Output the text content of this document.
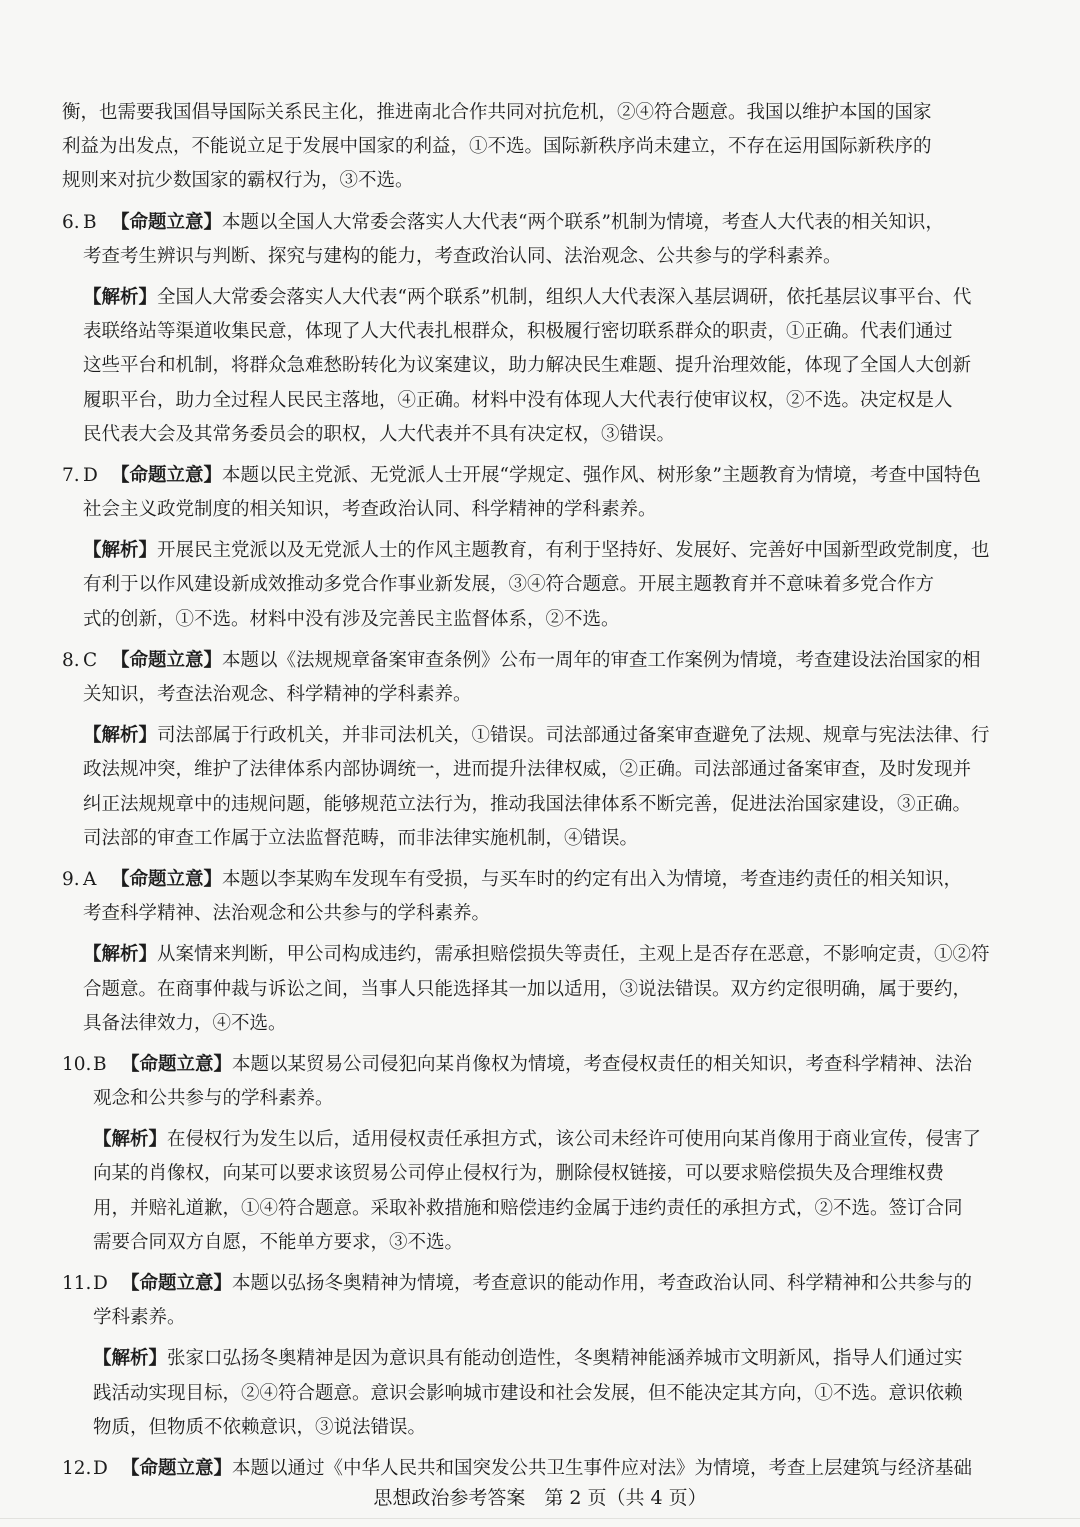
衡，也需要我国倡导国际关系民主化，推进南北合作共同对抗危机，②④符合题意。我国以维护本国的国家
利益为出发点，不能说立足于发展中国家的利益，①不选。国际新秩序尚未建立，不存在运用国际新秩序的
规则来对抗少数国家的霸权行为，③不选。
6. B 【命题立意】本题以全国人大常委会落实人大代表“两个联系”机制为情境，考查人大代表的相关知识，
考查考生辨识与判断、探究与建构的能力，考查政治认同、法治观念、公共参与的学科素养。
【解析】全国人大常委会落实人大代表“两个联系”机制，组织人大代表深入基层调研，依托基层议事平台、代
表联络站等渠道收集民意，体现了人大代表扎根群众，积极履行密切联系群众的职责，①正确。代表们通过
这些平台和机制，将群众急难愁盼转化为议案建议，助力解决民生难题、提升治理效能，体现了全国人大创新
履职平台，助力全过程人民民主落地，④正确。材料中没有体现人大代表行使审议权，②不选。决定权是人
民代表大会及其常务委员会的职权，人大代表并不具有决定权，③错误。
7. D 【命题立意】本题以民主党派、无党派人士开展“学规定、强作风、树形象”主题教育为情境，考查中国特色
社会主义政党制度的相关知识，考查政治认同、科学精神的学科素养。
【解析】开展民主党派以及无党派人士的作风主题教育，有利于坚持好、发展好、完善好中国新型政党制度，也
有利于以作风建设新成效推动多党合作事业新发展，③④符合题意。开展主题教育并不意味着多党合作方
式的创新，①不选。材料中没有涉及完善民主监督体系，②不选。
8. C 【命题立意】本题以《法规规章备案审查条例》公布一周年的审查工作案例为情境，考查建设法治国家的相
关知识，考查法治观念、科学精神的学科素养。
【解析】司法部属于行政机关，并非司法机关，①错误。司法部通过备案审查避免了法规、规章与宪法法律、行
政法规冲突，维护了法律体系内部协调统一，进而提升法律权威，②正确。司法部通过备案审查，及时发现并
纠正法规规章中的违规问题，能够规范立法行为，推动我国法律体系不断完善，促进法治国家建设，③正确。
司法部的审查工作属于立法监督范畴，而非法律实施机制，④错误。
9. A 【命题立意】本题以李某购车发现车有受损，与买车时的约定有出入为情境，考查违约责任的相关知识，
考查科学精神、法治观念和公共参与的学科素养。
【解析】从案情来判断，甲公司构成违约，需承担赔偿损失等责任，主观上是否存在恶意，不影响定责，①②符
合题意。在商事仲裁与诉讼之间，当事人只能选择其一加以适用，③说法错误。双方约定很明确，属于要约，
具备法律效力，④不选。
10.B 【命题立意】本题以某贸易公司侵犯向某肖像权为情境，考查侵权责任的相关知识，考查科学精神、法治
观念和公共参与的学科素养。
【解析】在侵权行为发生以后，适用侵权责任承担方式，该公司未经许可使用向某肖像用于商业宣传，侵害了
向某的肖像权，向某可以要求该贸易公司停止侵权行为，删除侵权链接，可以要求赔偿损失及合理维权费
用，并赔礼道歉，①④符合题意。采取补救措施和赔偿违约金属于违约责任的承担方式，②不选。签订合同
需要合同双方自愿，不能单方要求，③不选。
11.D 【命题立意】本题以弘扬冬奥精神为情境，考查意识的能动作用，考查政治认同、科学精神和公共参与的
学科素养。
【解析】张家口弘扬冬奥精神是因为意识具有能动创造性，冬奥精神能涵养城市文明新风，指导人们通过实
践活动实现目标，②④符合题意。意识会影响城市建设和社会发展，但不能决定其方向，①不选。意识依赖
物质，但物质不依赖意识，③说法错误。
12.D 【命题立意】本题以通过《中华人民共和国突发公共卫生事件应对法》为情境，考查上层建筑与经济基础
思想政治参考答案　第 2 页（共 4 页）
